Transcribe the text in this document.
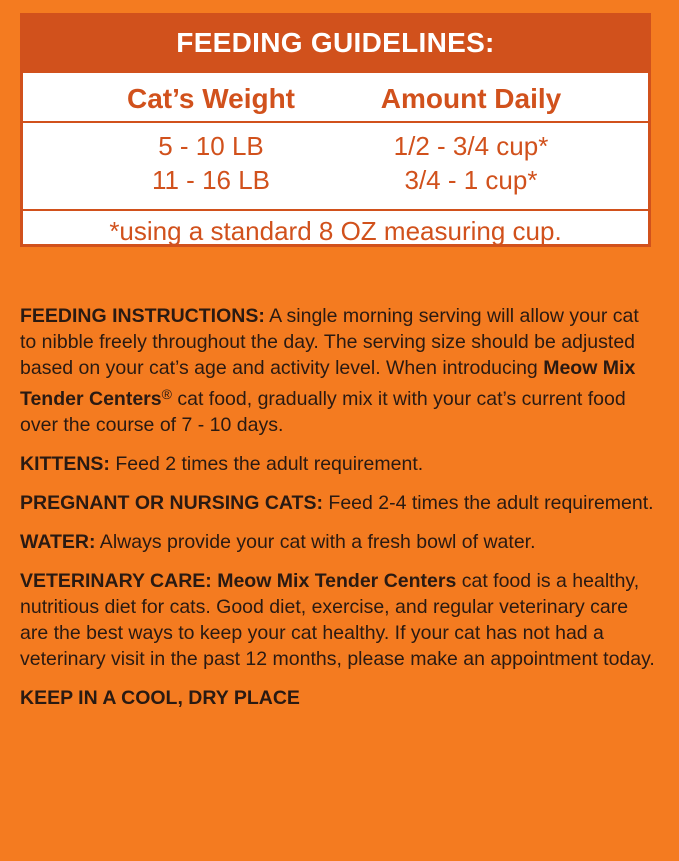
FEEDING GUIDELINES:
Cat’s Weight	Amount Daily
5 - 10 LB	1/2 - 3/4 cup*
11 - 16 LB	3/4 - 1 cup*
*using a standard 8 OZ measuring cup.

FEEDING INSTRUCTIONS: A single morning serving will allow your cat to nibble freely throughout the day. The serving size should be adjusted based on your cat’s age and activity level. When introducing Meow Mix Tender Centers® cat food, gradually mix it with your cat’s current food over the course of 7 - 10 days.

KITTENS: Feed 2 times the adult requirement.

PREGNANT OR NURSING CATS: Feed 2-4 times the adult requirement.

WATER: Always provide your cat with a fresh bowl of water.

VETERINARY CARE: Meow Mix Tender Centers cat food is a healthy, nutritious diet for cats. Good diet, exercise, and regular veterinary care are the best ways to keep your cat healthy. If your cat has not had a veterinary visit in the past 12 months, please make an appointment today.

KEEP IN A COOL, DRY PLACE
